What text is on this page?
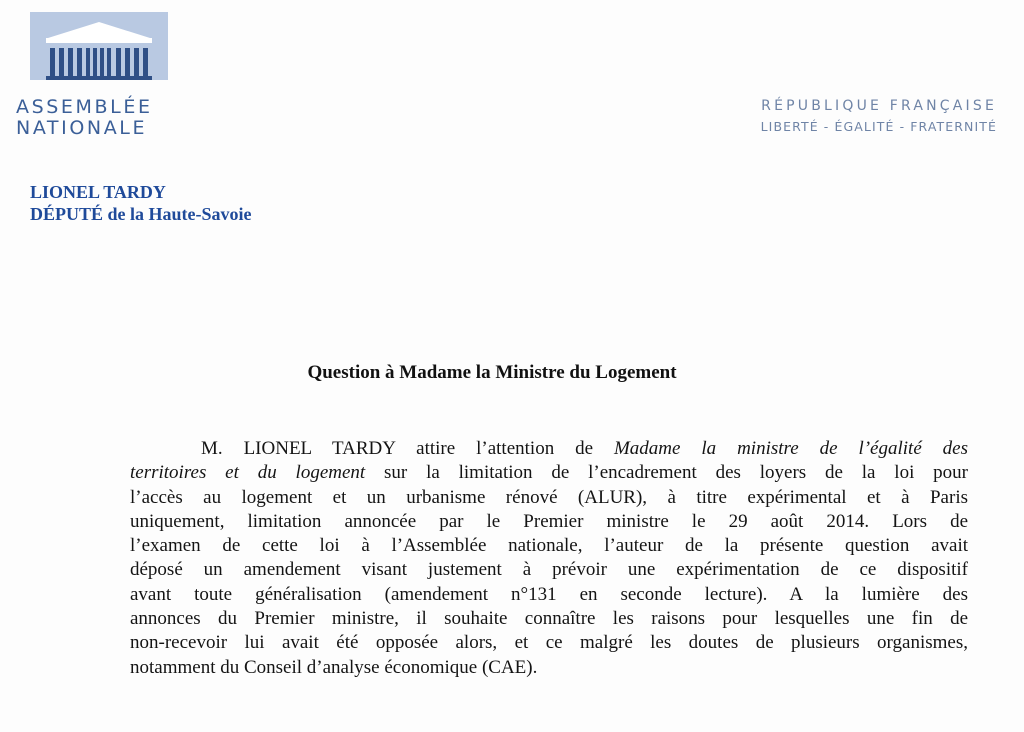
ASSEMBLÉE
NATIONALE
RÉPUBLIQUE FRANÇAISE
LIBERTÉ - ÉGALITÉ - FRATERNITÉ
LIONEL TARDY
DÉPUTÉ de la Haute-Savoie
Question à Madame la Ministre du Logement
M. LIONEL TARDY attire l’attention de Madame la ministre de l’égalité des
territoires et du logement sur la limitation de l’encadrement des loyers de la loi pour
l’accès au logement et un urbanisme rénové (ALUR), à titre expérimental et à Paris
uniquement, limitation annoncée par le Premier ministre le 29 août 2014. Lors de
l’examen de cette loi à l’Assemblée nationale, l’auteur de la présente question avait
déposé un amendement visant justement à prévoir une expérimentation de ce dispositif
avant toute généralisation (amendement n°131 en seconde lecture). A la lumière des
annonces du Premier ministre, il souhaite connaître les raisons pour lesquelles une fin de
non-recevoir lui avait été opposée alors, et ce malgré les doutes de plusieurs organismes,
notamment du Conseil d’analyse économique (CAE).
